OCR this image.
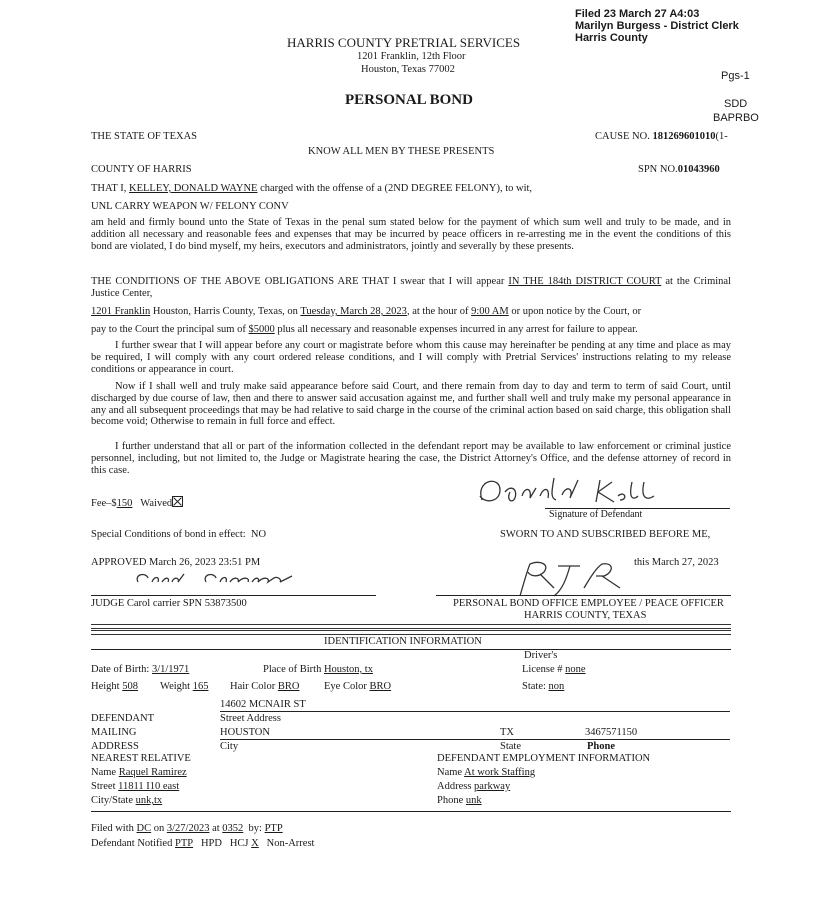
Filed 23 March 27 A4:03
Marilyn Burgess - District Clerk
Harris County
Pgs-1
SDD
BAPRBO
HARRIS COUNTY PRETRIAL SERVICES
1201 Franklin, 12th Floor
Houston, Texas 77002
PERSONAL BOND
THE STATE OF TEXAS	CAUSE NO. 181269601010(1-
KNOW ALL MEN BY THESE PRESENTS
COUNTY OF HARRIS	SPN NO.01043960
THAT I, KELLEY, DONALD WAYNE charged with the offense of a (2ND DEGREE FELONY), to wit,
UNL CARRY WEAPON W/ FELONY CONV
am held and firmly bound unto the State of Texas in the penal sum stated below for the payment of which sum well and truly to be made, and in addition all necessary and reasonable fees and expenses that may be incurred by peace officers in re-arresting me in the event the conditions of this bond are violated, I do bind myself, my heirs, executors and administrators, jointly and severally by these presents.
THE CONDITIONS OF THE ABOVE OBLIGATIONS ARE THAT I swear that I will appear IN THE 184th DISTRICT COURT at the Criminal Justice Center,
1201 Franklin Houston, Harris County, Texas, on Tuesday, March 28, 2023, at the hour of 9:00 AM or upon notice by the Court, or
pay to the Court the principal sum of $5000 plus all necessary and reasonable expenses incurred in any arrest for failure to appear.
I further swear that I will appear before any court or magistrate before whom this cause may hereinafter be pending at any time and place as may be required, I will comply with any court ordered release conditions, and I will comply with Pretrial Services' instructions relating to my release conditions or appearance in court.
Now if I shall well and truly make said appearance before said Court, and there remain from day to day and term to term of said Court, until discharged by due course of law, then and there to answer said accusation against me, and further shall well and truly make my personal appearance in any and all subsequent proceedings that may be had relative to said charge in the course of the criminal action based on said charge, this obligation shall become void; Otherwise to remain in full force and effect.
I further understand that all or part of the information collected in the defendant report may be available to law enforcement or criminal justice personnel, including, but not limited to, the Judge or Magistrate hearing the case, the District Attorney's Office, and the defense attorney of record in this case.
Fee–$150 Waived
Signature of Defendant
Special Conditions of bond in effect: NO	SWORN TO AND SUBSCRIBED BEFORE ME,
APPROVED March 26, 2023 23:51 PM	this March 27, 2023
JUDGE Carol carrier SPN 53873500	PERSONAL BOND OFFICE EMPLOYEE / PEACE OFFICER
HARRIS COUNTY, TEXAS
IDENTIFICATION INFORMATION
Driver's
Date of Birth: 3/1/1971	Place of Birth Houston, tx	License # none
Height 508 Weight 165 Hair Color BRO Eye Color BRO	State: non
14602 MCNAIR ST
DEFENDANT	Street Address
MAILING	HOUSTON	TX	3467571150
ADDRESS	City	State	Phone
NEAREST RELATIVE	DEFENDANT EMPLOYMENT INFORMATION
Name Raquel Ramirez	Name At work Staffing
Street 11811 I10 east	Address parkway
City/State unk,tx	Phone unk
Filed with DC on 3/27/2023 at 0352 by: PTP
Defendant Notified PTP HPD HCJ X Non-Arrest
